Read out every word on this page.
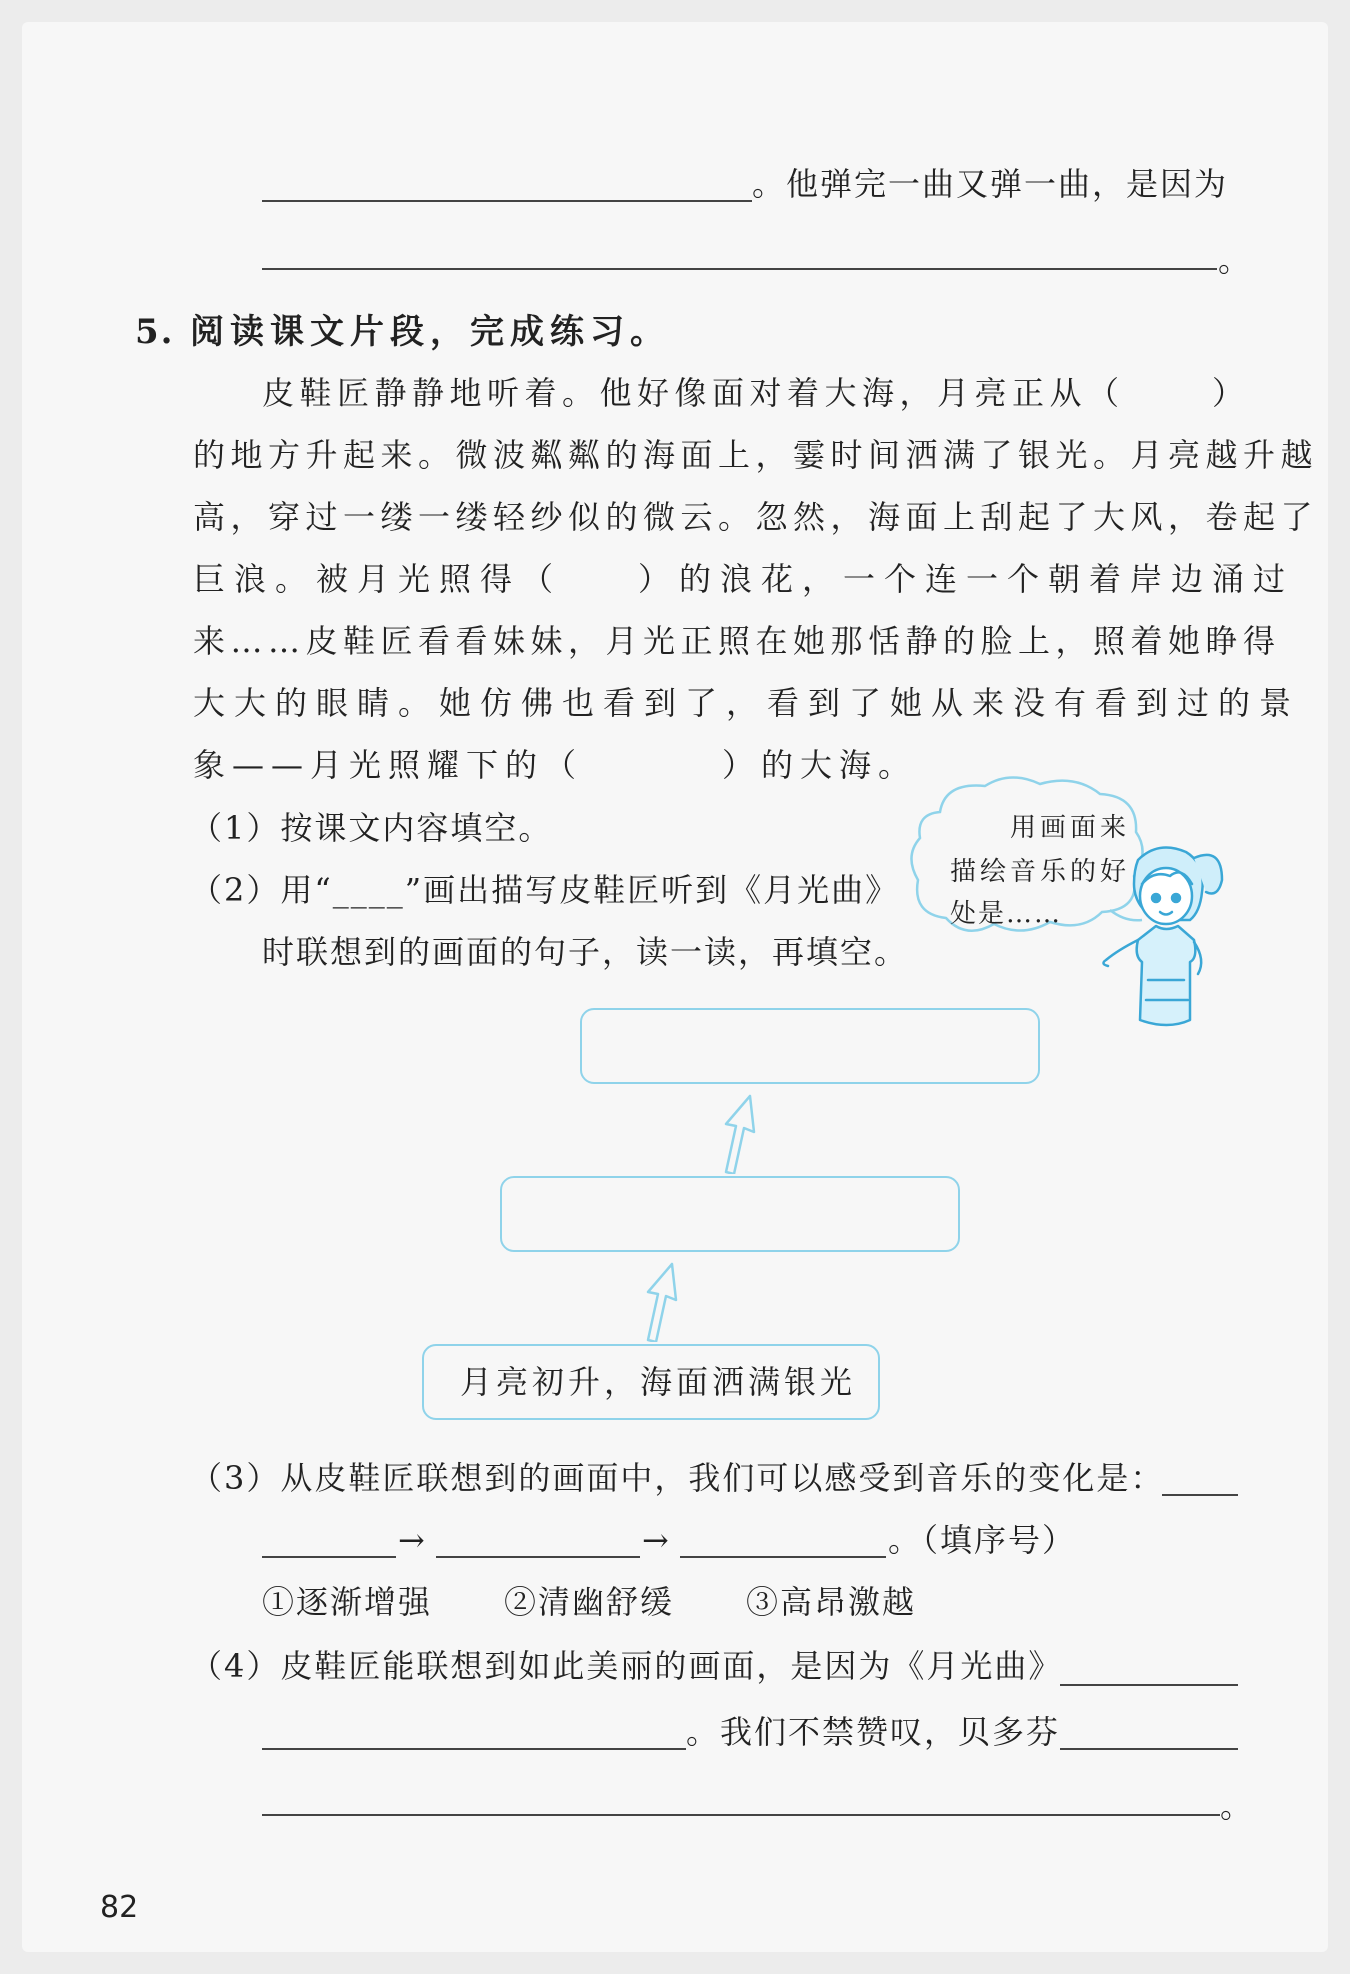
。他弹完一曲又弹一曲，是因为
。
5. 阅读课文片段，完成练习。
皮鞋匠静静地听着。他好像面对着大海，月亮正从（	）
的地方升起来。微波粼粼的海面上，霎时间洒满了银光。月亮越升越
高，穿过一缕一缕轻纱似的微云。忽然，海面上刮起了大风，卷起了
巨浪。被月光照得（ ）的浪花，一个连一个朝着岸边涌过
来……皮鞋匠看看妹妹，月光正照在她那恬静的脸上，照着她睁得
大大的眼睛。她仿佛也看到了，看到了她从来没有看到过的景
象——月光照耀下的（	）的大海。
（1）按课文内容填空。
（2）用“____”画出描写皮鞋匠听到《月光曲》
时联想到的画面的句子，读一读，再填空。
用画面来
描绘音乐的好
处是……
月亮初升，海面洒满银光
（3）从皮鞋匠联想到的画面中，我们可以感受到音乐的变化是：
→	→	。（填序号）
①逐渐增强 ②清幽舒缓 ③高昂激越
（4）皮鞋匠能联想到如此美丽的画面，是因为《月光曲》
。我们不禁赞叹，贝多芬
。
82
